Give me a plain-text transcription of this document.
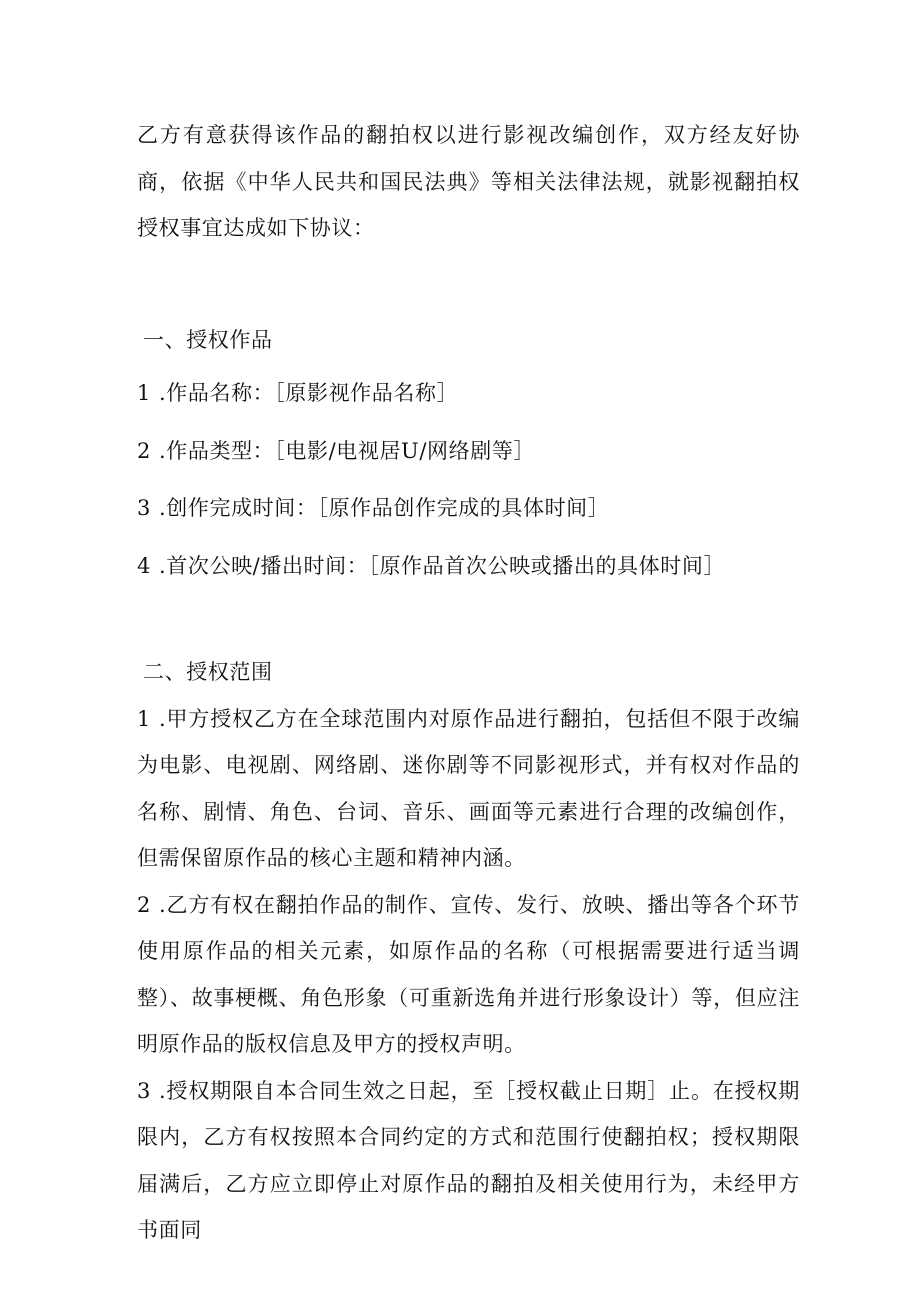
乙方有意获得该作品的翻拍权以进行影视改编创作，双方经友好协商，依据《中华人民共和国民法典》等相关法律法规，就影视翻拍权授权事宜达成如下协议：

一、授权作品

1 .作品名称：［原影视作品名称］

2 .作品类型：［电影/电视居U/网络剧等］

3 .创作完成时间：［原作品创作完成的具体时间］

4 .首次公映/播出时间：［原作品首次公映或播出的具体时间］

二、授权范围

1 .甲方授权乙方在全球范围内对原作品进行翻拍，包括但不限于改编为电影、电视剧、网络剧、迷你剧等不同影视形式，并有权对作品的名称、剧情、角色、台词、音乐、画面等元素进行合理的改编创作，但需保留原作品的核心主题和精神内涵。

2 .乙方有权在翻拍作品的制作、宣传、发行、放映、播出等各个环节使用原作品的相关元素，如原作品的名称（可根据需要进行适当调整）、故事梗概、角色形象（可重新选角并进行形象设计）等，但应注明原作品的版权信息及甲方的授权声明。

3 .授权期限自本合同生效之日起，至［授权截止日期］止。在授权期限内，乙方有权按照本合同约定的方式和范围行使翻拍权；授权期限届满后，乙方应立即停止对原作品的翻拍及相关使用行为，未经甲方书面同
